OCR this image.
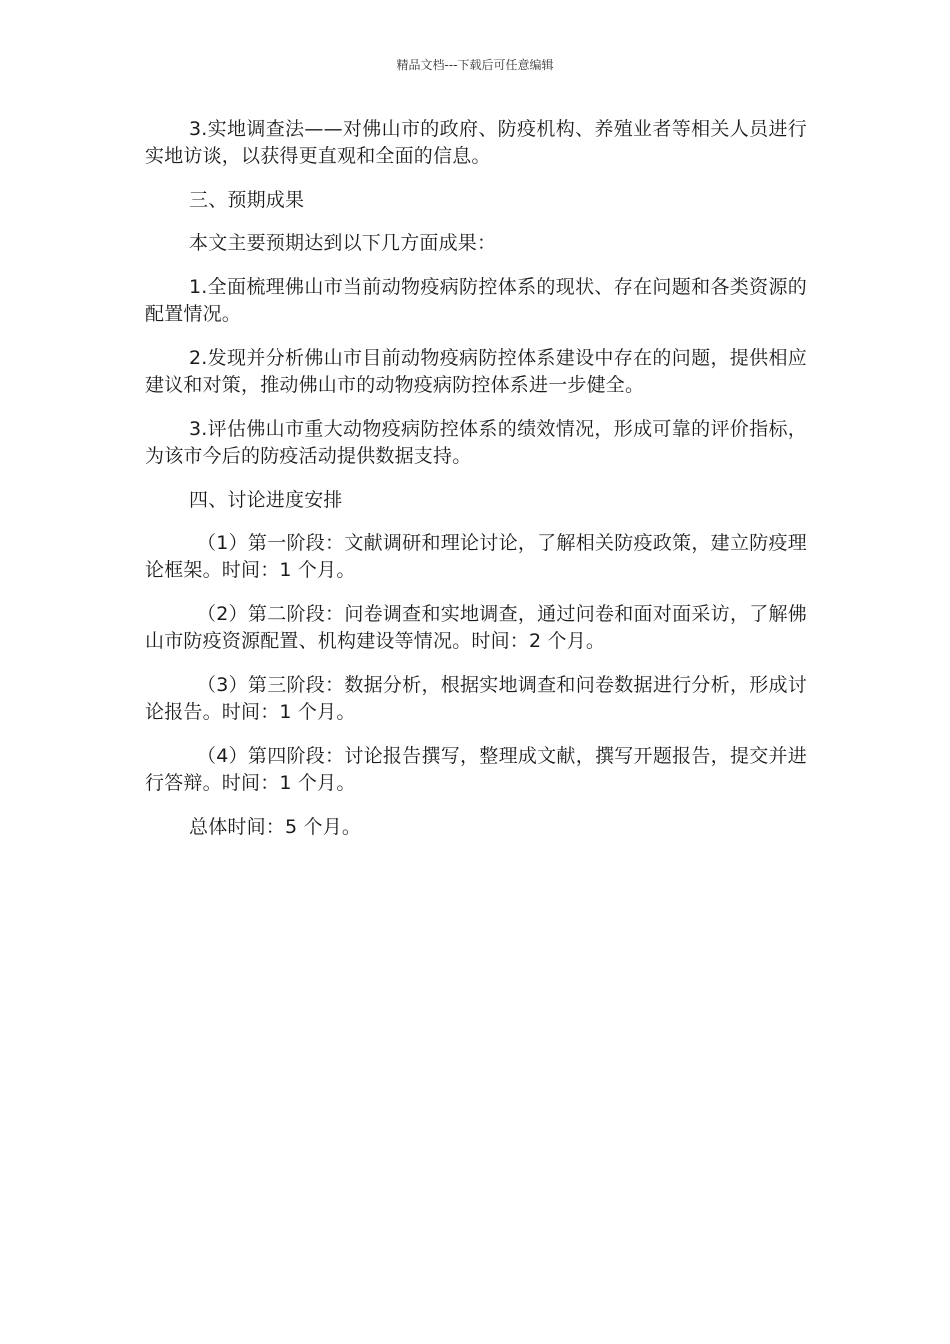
精品文档---下载后可任意编辑

3.实地调查法——对佛山市的政府、防疫机构、养殖业者等相关人员进行实地访谈，以获得更直观和全面的信息。

三、预期成果

本文主要预期达到以下几方面成果：

1.全面梳理佛山市当前动物疫病防控体系的现状、存在问题和各类资源的配置情况。

2.发现并分析佛山市目前动物疫病防控体系建设中存在的问题，提供相应建议和对策，推动佛山市的动物疫病防控体系进一步健全。

3.评估佛山市重大动物疫病防控体系的绩效情况，形成可靠的评价指标，为该市今后的防疫活动提供数据支持。

四、讨论进度安排

（1）第一阶段：文献调研和理论讨论，了解相关防疫政策，建立防疫理论框架。时间：1 个月。

（2）第二阶段：问卷调查和实地调查，通过问卷和面对面采访，了解佛山市防疫资源配置、机构建设等情况。时间：2 个月。

（3）第三阶段：数据分析，根据实地调查和问卷数据进行分析，形成讨论报告。时间：1 个月。

（4）第四阶段：讨论报告撰写，整理成文献，撰写开题报告，提交并进行答辩。时间：1 个月。

总体时间：5 个月。
